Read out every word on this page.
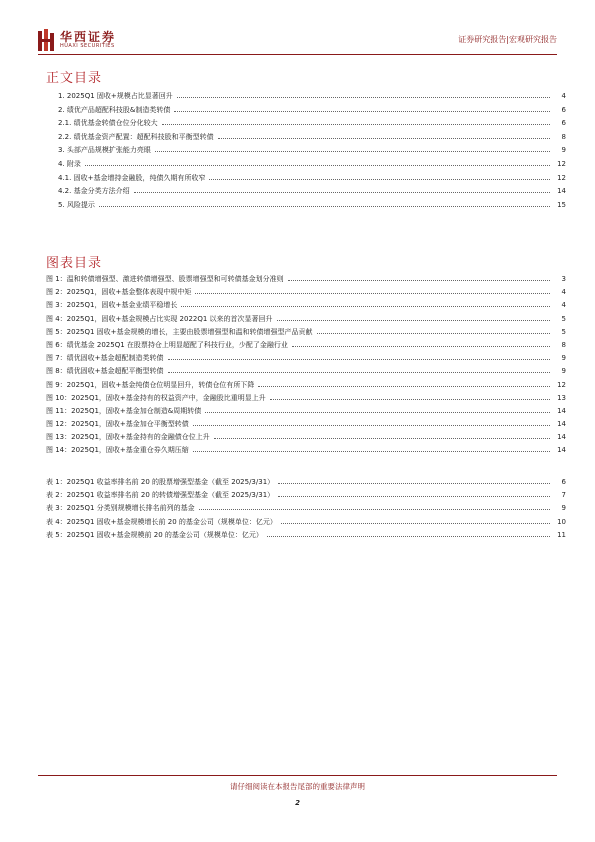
华西证券
HUAXI SECURITIES
证券研究报告|宏观研究报告
正文目录
1. 2025Q1 固收+规模占比显著回升	4
2. 绩优产品超配科技股&制造类转债	6
2.1. 绩优基金转债仓位分化较大	6
2.2. 绩优基金资产配置：超配科技股和平衡型转债	8
3. 头部产品规模扩张能力亮眼	9
4. 附录	12
4.1. 固收+基金增持金融股，纯债久期有所收窄	12
4.2. 基金分类方法介绍	14
5. 风险提示	15
图表目录
图 1：温和转债增强型、激进转债增强型、股票增强型和可转债基金划分准则	3
图 2：2025Q1，固收+基金整体表现中规中矩	4
图 3：2025Q1，固收+基金业绩平稳增长	4
图 4：2025Q1，固收+基金规模占比实现 2022Q1 以来的首次显著回升	5
图 5：2025Q1 固收+基金规模的增长，主要由股票增强型和温和转债增强型产品贡献	5
图 6：绩优基金 2025Q1 在股票持仓上明显超配了科技行业，少配了金融行业	8
图 7：绩优固收+基金超配制造类转债	9
图 8：绩优固收+基金超配平衡型转债	9
图 9：2025Q1，固收+基金纯债仓位明显回升，转债仓位有所下降	12
图 10：2025Q1，固收+基金持有的权益资产中，金融股比重明显上升	13
图 11：2025Q1，固收+基金加仓制造&周期转债	14
图 12：2025Q1，固收+基金加仓平衡型转债	14
图 13：2025Q1，固收+基金持有的金融债仓位上升	14
图 14：2025Q1，固收+基金重仓券久期压缩	14
表 1：2025Q1 收益率排名前 20 的股票增强型基金（截至 2025/3/31）	6
表 2：2025Q1 收益率排名前 20 的转债增强型基金（截至 2025/3/31）	7
表 3：2025Q1 分类别规模增长排名前列的基金	9
表 4：2025Q1 固收+基金规模增长前 20 的基金公司（规模单位：亿元）	10
表 5：2025Q1 固收+基金规模前 20 的基金公司（规模单位：亿元）	11
请仔细阅读在本报告尾部的重要法律声明
2
